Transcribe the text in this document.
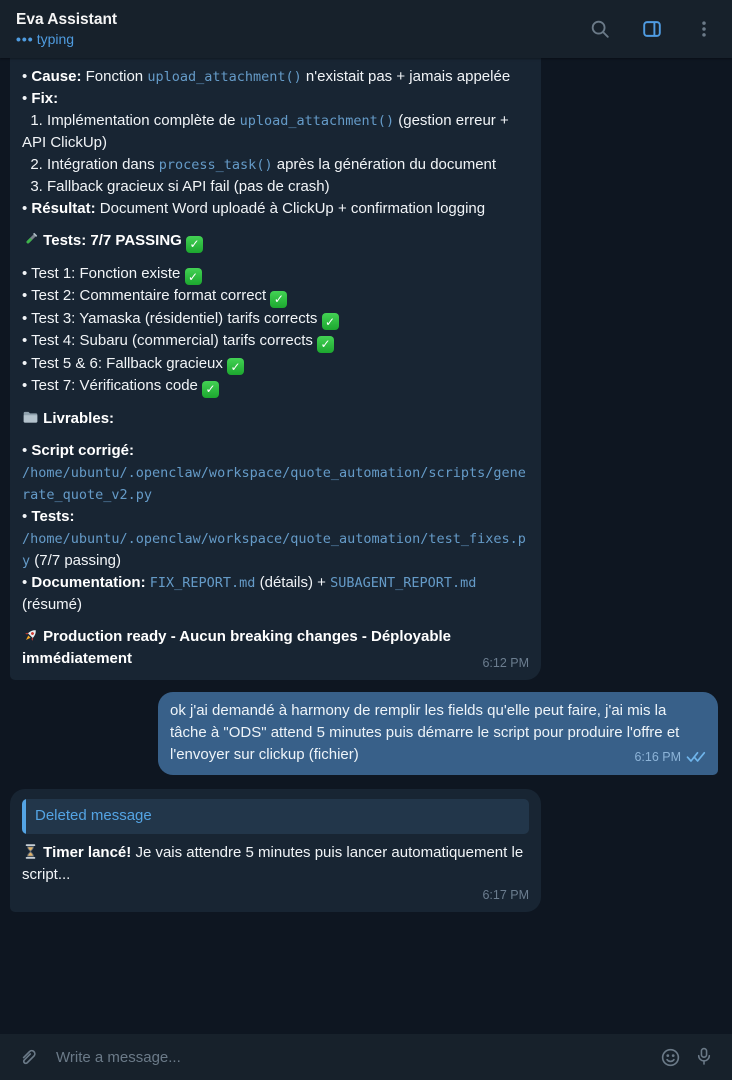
Eva Assistant
••• typing
• Cause: Fonction upload_attachment() n'existait pas + jamais appelée
• Fix:
1. Implémentation complète de upload_attachment() (gestion erreur + API ClickUp)
2. Intégration dans process_task() après la génération du document
3. Fallback gracieux si API fail (pas de crash)
• Résultat: Document Word uploadé à ClickUp + confirmation logging
Tests: 7/7 PASSING ✓
• Test 1: Fonction existe ✓
• Test 2: Commentaire format correct ✓
• Test 3: Yamaska (résidentiel) tarifs corrects ✓
• Test 4: Subaru (commercial) tarifs corrects ✓
• Test 5 & 6: Fallback gracieux ✓
• Test 7: Vérifications code ✓
Livrables:
• Script corrigé:
/home/ubuntu/.openclaw/workspace/quote_automation/scripts/generate_quote_v2.py
• Tests:
/home/ubuntu/.openclaw/workspace/quote_automation/test_fixes.py (7/7 passing)
• Documentation: FIX_REPORT.md (détails) + SUBAGENT_REPORT.md (résumé)
Production ready - Aucun breaking changes - Déployable immédiatement	6:12 PM
ok j'ai demandé à harmony de remplir les fields qu'elle peut faire, j'ai mis la tâche à "ODS" attend 5 minutes puis démarre le script pour produire l'offre et l'envoyer sur clickup (fichier)	6:16 PM
Deleted message
Timer lancé! Je vais attendre 5 minutes puis lancer automatiquement le script...
6:17 PM
Write a message...
